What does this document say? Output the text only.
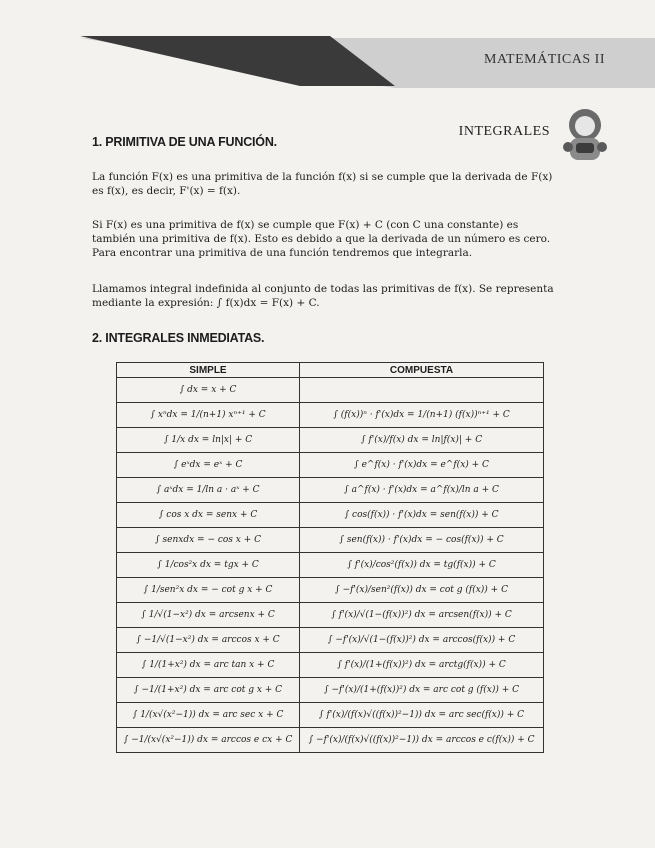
MATEMÁTICAS II
INTEGRALES
1. PRIMITIVA DE UNA FUNCIÓN.

La función F(x) es una primitiva de la función f(x) si se cumple que la derivada de F(x) es f(x), es decir, F'(x) = f(x).

Si F(x) es una primitiva de f(x) se cumple que F(x) + C (con C una constante) es también una primitiva de f(x). Esto es debido a que la derivada de un número es cero. Para encontrar una primitiva de una función tendremos que integrarla.

Llamamos integral indefinida al conjunto de todas las primitivas de f(x). Se representa mediante la expresión: ∫ f(x)dx = F(x) + C.

2. INTEGRALES INMEDIATAS.
SIMPLE	COMPUESTA
∫ dx = x + C	
∫ xⁿdx = 1/(n+1) xⁿ⁺¹ + C	∫ (f(x))ⁿ · f'(x)dx = 1/(n+1) (f(x))ⁿ⁺¹ + C
∫ 1/x dx = ln|x| + C	∫ f'(x)/f(x) dx = ln|f(x)| + C
∫ eˣdx = eˣ + C	∫ e^f(x) · f'(x)dx = e^f(x) + C
∫ aˣdx = 1/ln a · aˣ + C	∫ a^f(x) · f'(x)dx = a^f(x)/ln a + C
∫ cos x dx = senx + C	∫ cos(f(x)) · f'(x)dx = sen(f(x)) + C
∫ senxdx = − cos x + C	∫ sen(f(x)) · f'(x)dx = − cos(f(x)) + C
∫ 1/cos²x dx = tgx + C	∫ f'(x)/cos²(f(x)) dx = tg(f(x)) + C
∫ 1/sen²x dx = − cot g x + C	∫ −f'(x)/sen²(f(x)) dx = cot g (f(x)) + C
∫ 1/√(1−x²) dx = arcsenx + C	∫ f'(x)/√(1−(f(x))²) dx = arcsen(f(x)) + C
∫ −1/√(1−x²) dx = arccos x + C	∫ −f'(x)/√(1−(f(x))²) dx = arccos(f(x)) + C
∫ 1/(1+x²) dx = arc tan x + C	∫ f'(x)/(1+(f(x))²) dx = arctg(f(x)) + C
∫ −1/(1+x²) dx = arc cot g x + C	∫ −f'(x)/(1+(f(x))²) dx = arc cot g (f(x)) + C
∫ 1/(x√(x²−1)) dx = arc sec x + C	∫ f'(x)/(f(x)√((f(x))²−1)) dx = arc sec(f(x)) + C
∫ −1/(x√(x²−1)) dx = arccos e cx + C	∫ −f'(x)/(f(x)√((f(x))²−1)) dx = arccos e c(f(x)) + C
